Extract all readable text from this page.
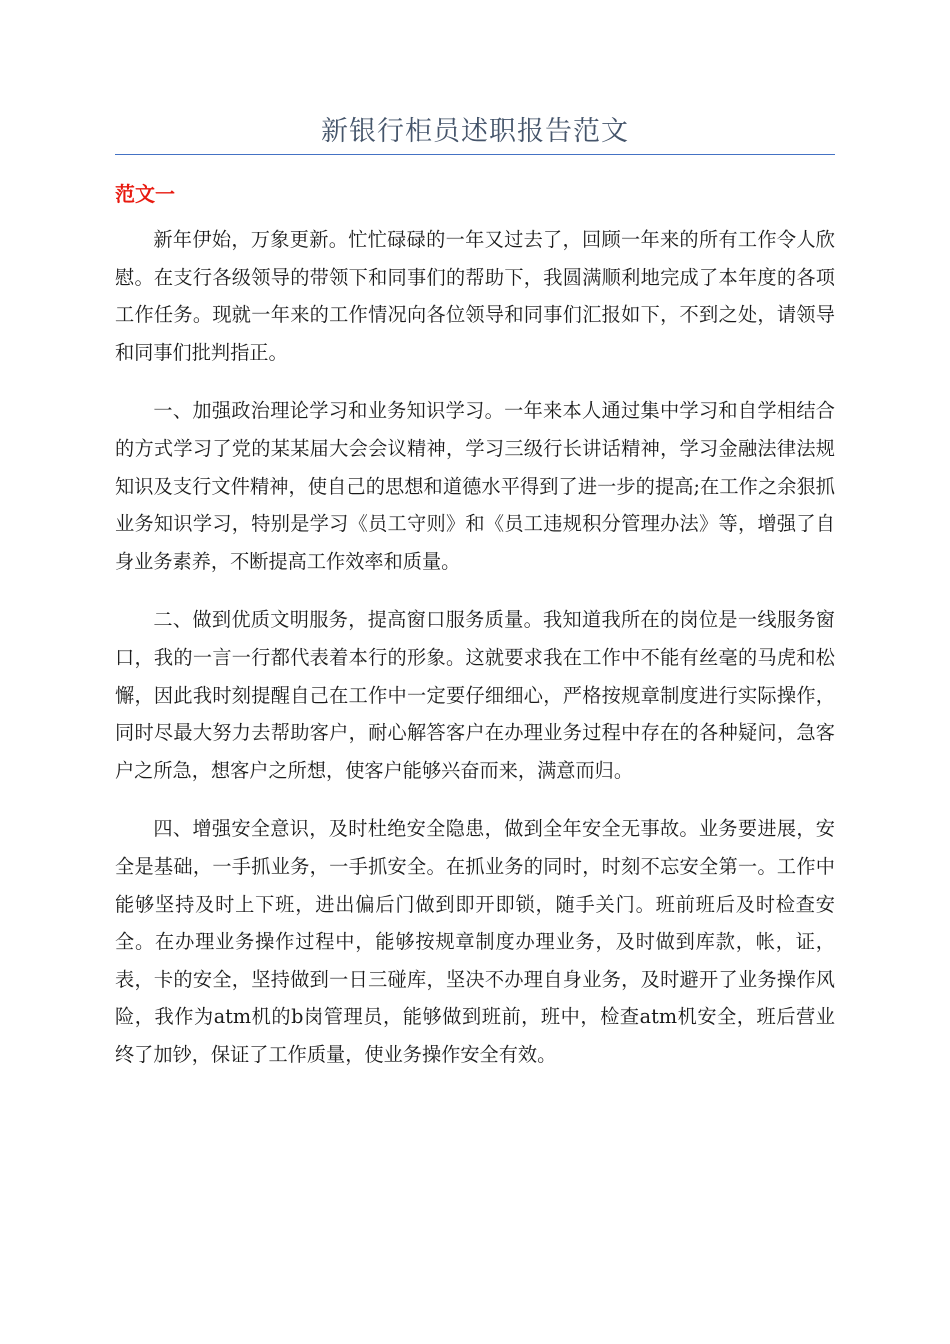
新银行柜员述职报告范文
范文一

新年伊始，万象更新。忙忙碌碌的一年又过去了，回顾一年来的所有工作令人欣慰。在支行各级领导的带领下和同事们的帮助下，我圆满顺利地完成了本年度的各项工作任务。现就一年来的工作情况向各位领导和同事们汇报如下，不到之处，请领导和同事们批判指正。

一、加强政治理论学习和业务知识学习。一年来本人通过集中学习和自学相结合的方式学习了党的某某届大会会议精神，学习三级行长讲话精神，学习金融法律法规知识及支行文件精神，使自己的思想和道德水平得到了进一步的提高;在工作之余狠抓业务知识学习，特别是学习《员工守则》和《员工违规积分管理办法》等，增强了自身业务素养，不断提高工作效率和质量。

二、做到优质文明服务，提高窗口服务质量。我知道我所在的岗位是一线服务窗口，我的一言一行都代表着本行的形象。这就要求我在工作中不能有丝毫的马虎和松懈，因此我时刻提醒自己在工作中一定要仔细细心，严格按规章制度进行实际操作，同时尽最大努力去帮助客户，耐心解答客户在办理业务过程中存在的各种疑问，急客户之所急，想客户之所想，使客户能够兴奋而来，满意而归。

四、增强安全意识，及时杜绝安全隐患，做到全年安全无事故。业务要进展，安全是基础，一手抓业务，一手抓安全。在抓业务的同时，时刻不忘安全第一。工作中能够坚持及时上下班，进出偏后门做到即开即锁，随手关门。班前班后及时检查安全。在办理业务操作过程中，能够按规章制度办理业务，及时做到库款，帐，证，表，卡的安全，坚持做到一日三碰库，坚决不办理自身业务，及时避开了业务操作风险，我作为atm机的b岗管理员，能够做到班前，班中，检查atm机安全，班后营业终了加钞，保证了工作质量，使业务操作安全有效。
